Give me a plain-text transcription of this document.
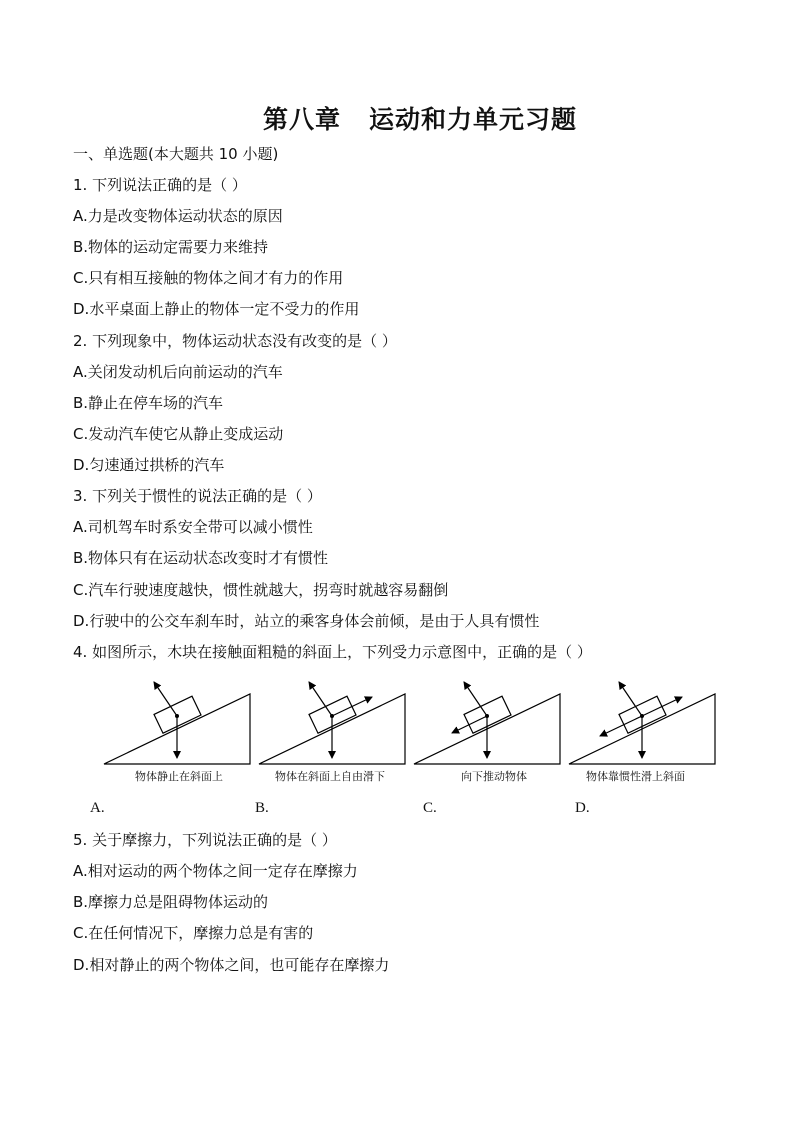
第八章 运动和力单元习题
一、单选题(本大题共 10 小题)
1. 下列说法正确的是（ ）
A.力是改变物体运动状态的原因
B.物体的运动定需要力来维持
C.只有相互接触的物体之间才有力的作用
D.水平桌面上静止的物体一定不受力的作用
2. 下列现象中，物体运动状态没有改变的是（ ）
A.关闭发动机后向前运动的汽车
B.静止在停车场的汽车
C.发动汽车使它从静止变成运动
D.匀速通过拱桥的汽车
3. 下列关于惯性的说法正确的是（ ）
A.司机驾车时系安全带可以减小惯性
B.物体只有在运动状态改变时才有惯性
C.汽车行驶速度越快，惯性就越大，拐弯时就越容易翻倒
D.行驶中的公交车刹车时，站立的乘客身体会前倾，是由于人具有惯性
4. 如图所示，木块在接触面粗糙的斜面上，下列受力示意图中，正确的是（ ）
物体静止在斜面上	物体在斜面上自由滑下	向下推动物体	物体靠惯性滑上斜面
A.	B.	C.	D.
5. 关于摩擦力，下列说法正确的是（ ）
A.相对运动的两个物体之间一定存在摩擦力
B.摩擦力总是阻碍物体运动的
C.在任何情况下，摩擦力总是有害的
D.相对静止的两个物体之间，也可能存在摩擦力
